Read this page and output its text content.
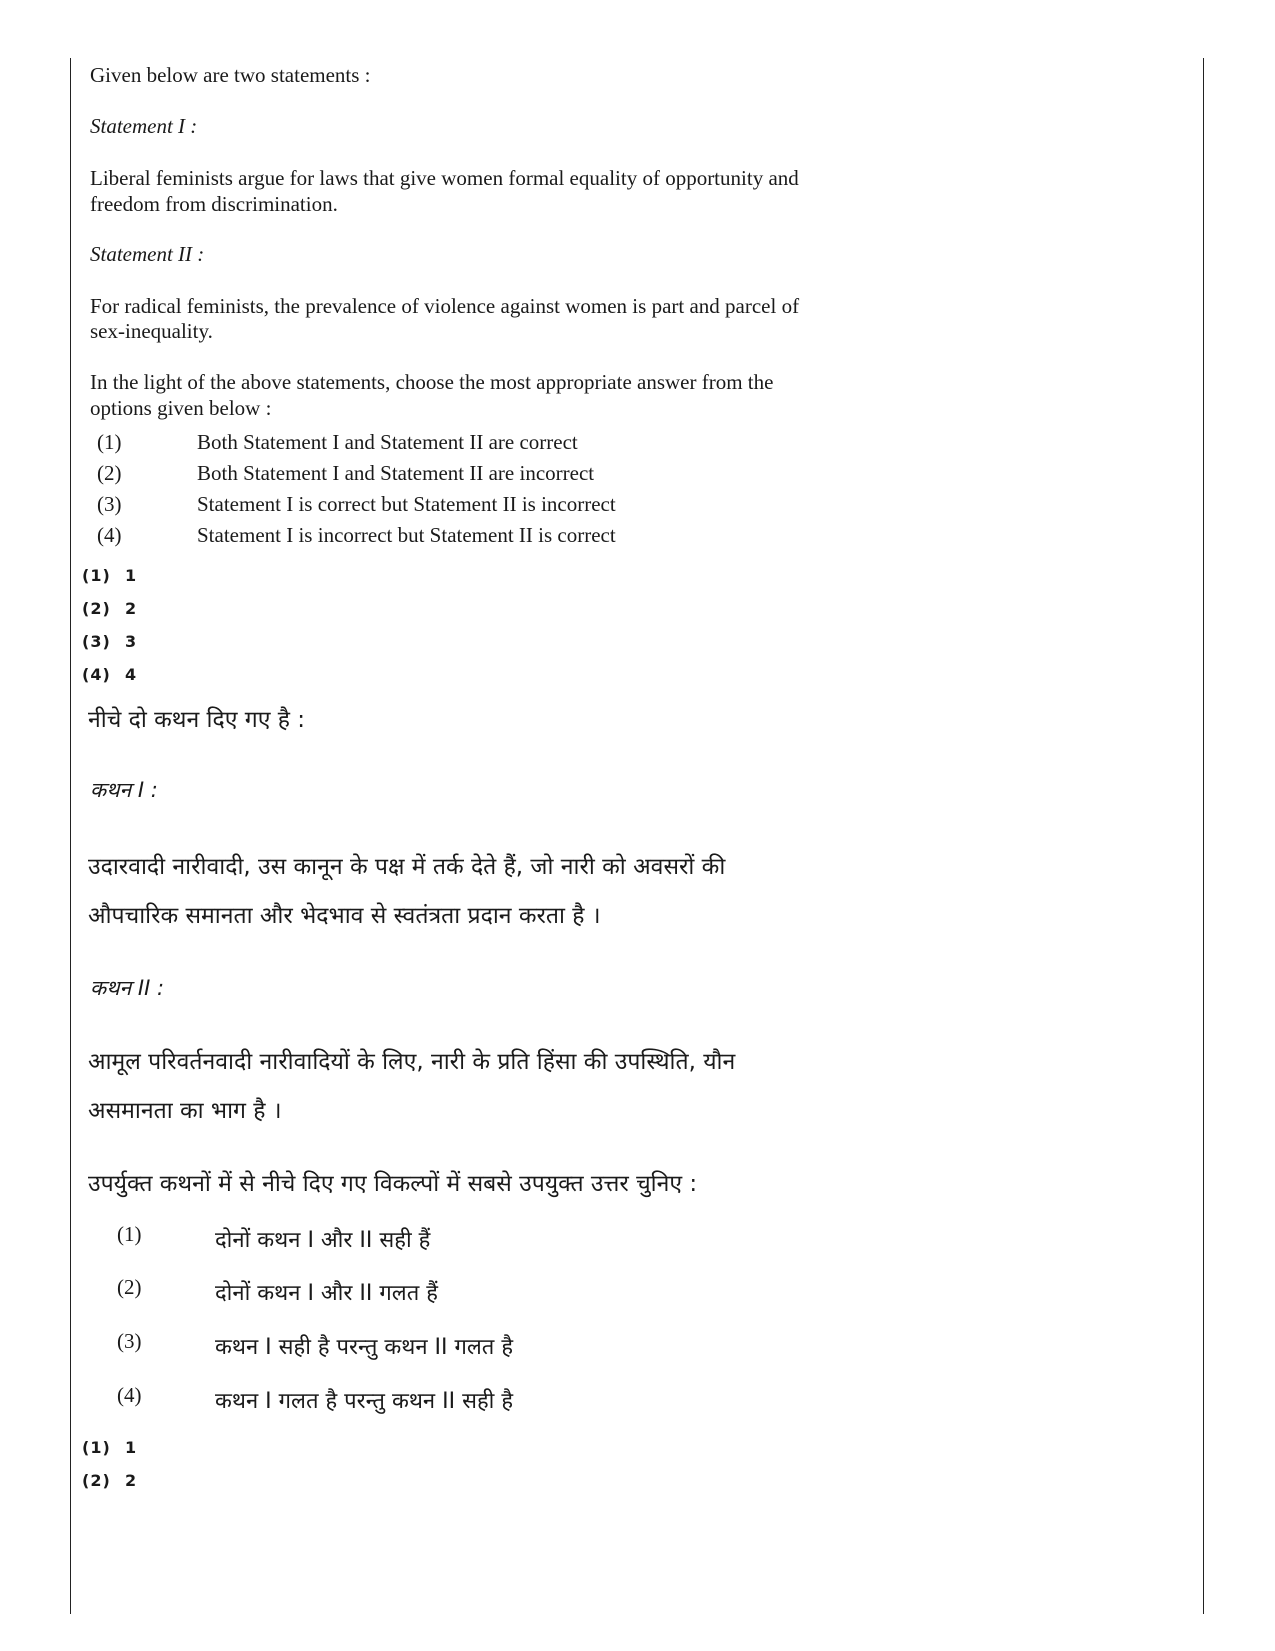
Given below are two statements :
Statement I :
Liberal feminists argue for laws that give women formal equality of opportunity and
freedom from discrimination.
Statement II :
For radical feminists, the prevalence of violence against women is part and parcel of
sex-inequality.
In the light of the above statements, choose the most appropriate answer from the
options given below :
(1)	Both Statement I and Statement II are correct
(2)	Both Statement I and Statement II are incorrect
(3)	Statement I is correct but Statement II is incorrect
(4)	Statement I is incorrect but Statement II is correct
(1) 1
(2) 2
(3) 3
(4) 4
नीचे दो कथन दिए गए है :
कथन I :
उदारवादी नारीवादी, उस कानून के पक्ष में तर्क देते हैं, जो नारी को अवसरों की
औपचारिक समानता और भेदभाव से स्वतंत्रता प्रदान करता है ।
कथन II :
आमूल परिवर्तनवादी नारीवादियों के लिए, नारी के प्रति हिंसा की उपस्थिति, यौन
असमानता का भाग है ।
उपर्युक्त कथनों में से नीचे दिए गए विकल्पों में सबसे उपयुक्त उत्तर चुनिए :
(1)	दोनों कथन I और II सही हैं
(2)	दोनों कथन I और II गलत हैं
(3)	कथन I सही है परन्तु कथन II गलत है
(4)	कथन I गलत है परन्तु कथन II सही है
(1) 1
(2) 2
